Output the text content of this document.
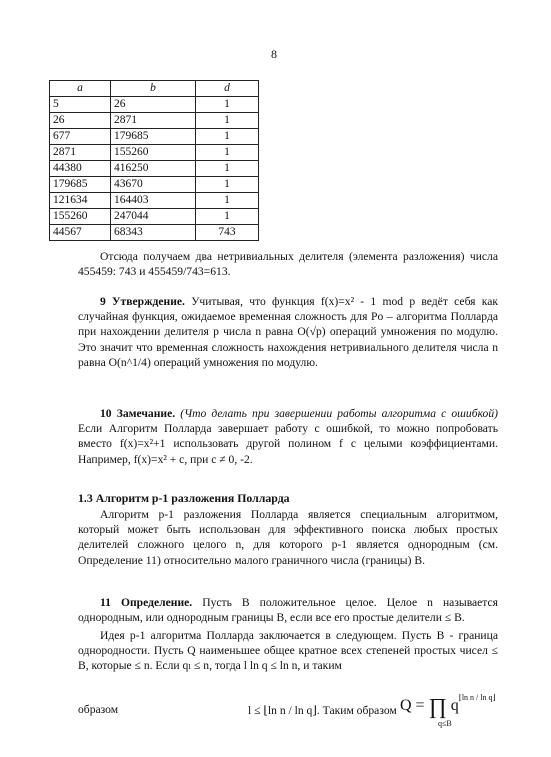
8
a	b	d
5	26	1
26	2871	1
677	179685	1
2871	155260	1
44380	416250	1
179685	43670	1
121634	164403	1
155260	247044	1
44567	68343	743

Отсюда получаем два нетривиальных делителя (элемента разложения) числа 455459: 743 и 455459/743=613.

9 Утверждение. Учитывая, что функция f(x)=x² - 1 mod p ведёт себя как случайная функция, ожидаемое временная сложность для Po – алгоритма Полларда при нахождении делителя p числа n равна O(√p) операций умножения по модулю. Это значит что временная сложность нахождения нетривиального делителя числа n равна O(n^1/4) операций умножения по модулю.

10 Замечание. (Что делать при завершении работы алгоритма с ошибкой) Если Алгоритм Полларда завершает работу с ошибкой, то можно попробовать вместо f(x)=x²+1 использовать другой полином f с целыми коэффициентами. Например, f(x)=x² + c, при c ≠ 0, -2.

1.3 Алгоритм p-1 разложения Полларда

Алгоритм p-1 разложения Полларда является специальным алгоритмом, который может быть использован для эффективного поиска любых простых делителей сложного целого n, для которого p-1 является однородным (см. Определение 11) относительно малого граничного числа (границы) B.

11 Определение. Пусть B положительное целое. Целое n называется однородным, или однородным границы B, если все его простые делители ≤ B.

Идея p-1 алгоритма Полларда заключается в следующем. Пусть B - граница однородности. Пусть Q наименьшее общее кратное всех степеней простых чисел ≤ B, которые ≤ n. Если qₗ ≤ n, тогда l ln q ≤ ln n, и таким

образом	l ≤ ⌊ln n / ln q⌋. Таким образом Q = ∏
q≤B
$q^{⌊ln n / ln q⌋}$
